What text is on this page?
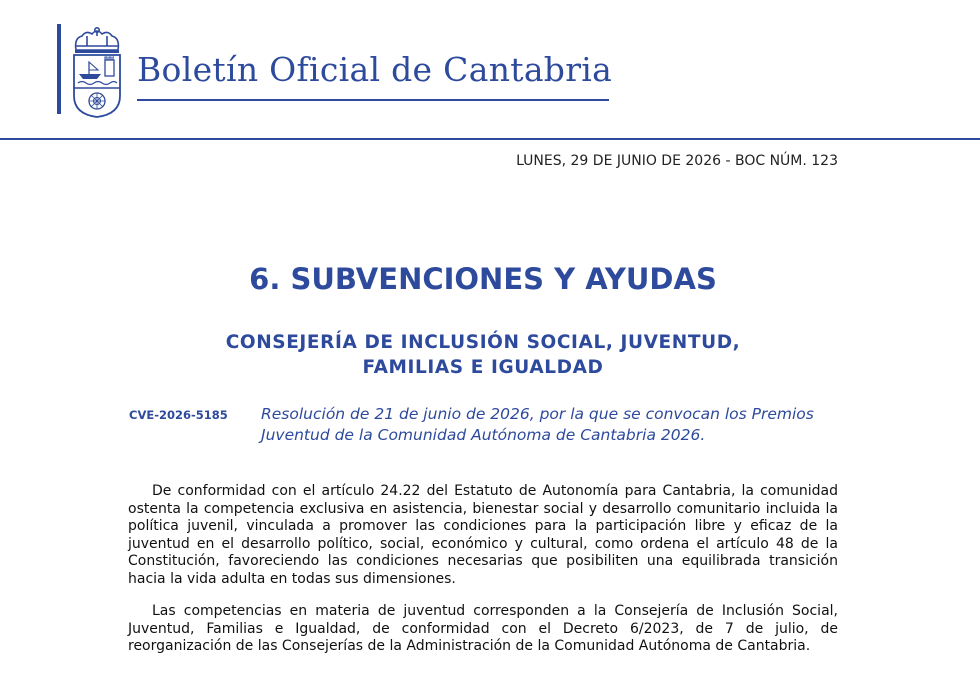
Boletín Oficial de Cantabria
LUNES, 29 DE JUNIO DE 2026 - BOC NÚM. 123
6. SUBVENCIONES Y AYUDAS
CONSEJERÍA DE INCLUSIÓN SOCIAL, JUVENTUD,
FAMILIAS E IGUALDAD
CVE-2026-5185 Resolución de 21 de junio de 2026, por la que se convocan los Premios Juventud de la Comunidad Autónoma de Cantabria 2026.

De conformidad con el artículo 24.22 del Estatuto de Autonomía para Cantabria, la comunidad ostenta la competencia exclusiva en asistencia, bienestar social y desarrollo comunitario incluida la política juvenil, vinculada a promover las condiciones para la participación libre y eficaz de la juventud en el desarrollo político, social, económico y cultural, como ordena el artículo 48 de la Constitución, favoreciendo las condiciones necesarias que posibiliten una equilibrada transición hacia la vida adulta en todas sus dimensiones.

Las competencias en materia de juventud corresponden a la Consejería de Inclusión Social, Juventud, Familias e Igualdad, de conformidad con el Decreto 6/2023, de 7 de julio, de reorganización de las Consejerías de la Administración de la Comunidad Autónoma de Cantabria.
